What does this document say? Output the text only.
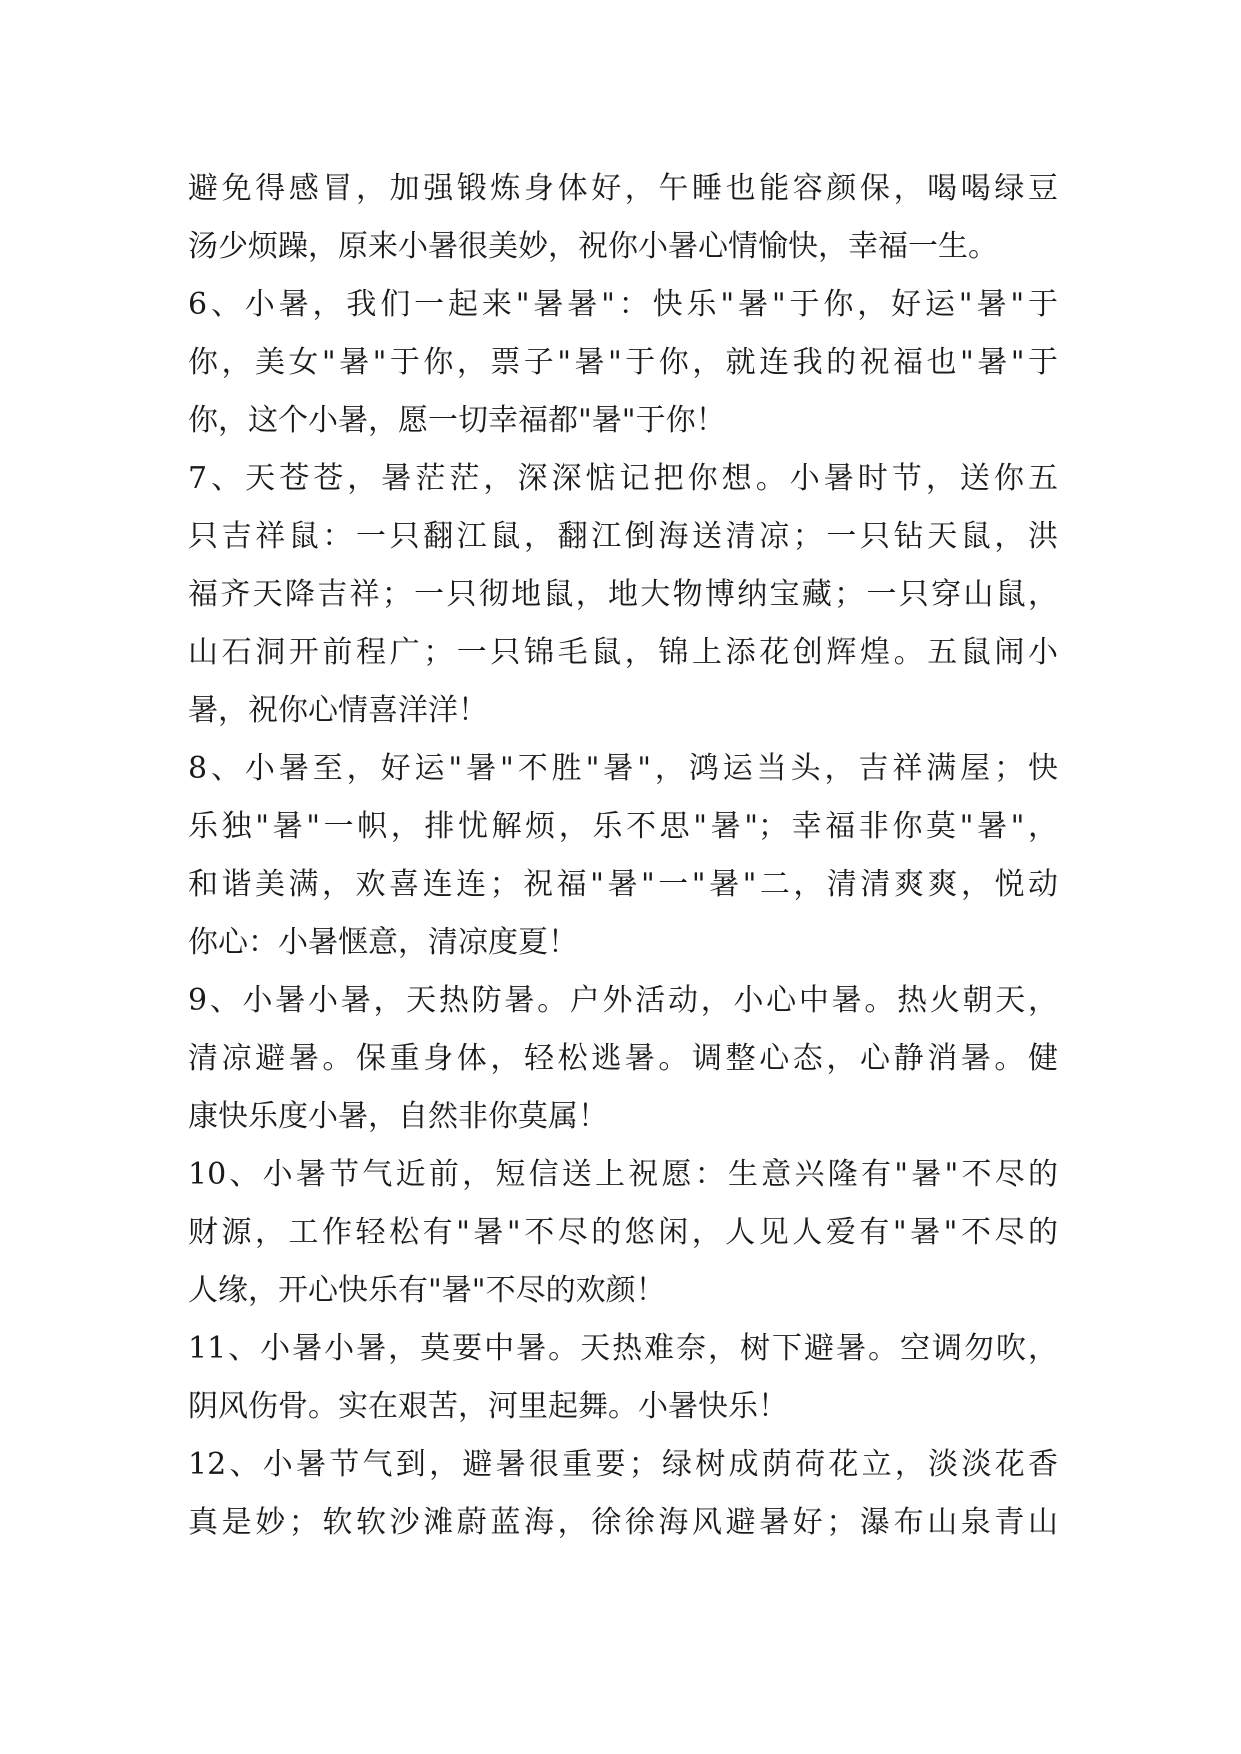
避免得感冒，加强锻炼身体好，午睡也能容颜保，喝喝绿豆
汤少烦躁，原来小暑很美妙，祝你小暑心情愉快，幸福一生。
6、小暑，我们一起来"暑暑"：快乐"暑"于你，好运"暑"于
你，美女"暑"于你，票子"暑"于你，就连我的祝福也"暑"于
你，这个小暑，愿一切幸福都"暑"于你！
7、天苍苍，暑茫茫，深深惦记把你想。小暑时节，送你五
只吉祥鼠：一只翻江鼠，翻江倒海送清凉；一只钻天鼠，洪
福齐天降吉祥；一只彻地鼠，地大物博纳宝藏；一只穿山鼠，
山石洞开前程广；一只锦毛鼠，锦上添花创辉煌。五鼠闹小
暑，祝你心情喜洋洋！
8、小暑至，好运"暑"不胜"暑"，鸿运当头，吉祥满屋；快
乐独"暑"一帜，排忧解烦，乐不思"暑"；幸福非你莫"暑"，
和谐美满，欢喜连连；祝福"暑"一"暑"二，清清爽爽，悦动
你心：小暑惬意，清凉度夏！
9、小暑小暑，天热防暑。户外活动，小心中暑。热火朝天，
清凉避暑。保重身体，轻松逃暑。调整心态，心静消暑。健
康快乐度小暑，自然非你莫属！
10、小暑节气近前，短信送上祝愿：生意兴隆有"暑"不尽的
财源，工作轻松有"暑"不尽的悠闲，人见人爱有"暑"不尽的
人缘，开心快乐有"暑"不尽的欢颜！
11、小暑小暑，莫要中暑。天热难奈，树下避暑。空调勿吹，
阴风伤骨。实在艰苦，河里起舞。小暑快乐！
12、小暑节气到，避暑很重要；绿树成荫荷花立，淡淡花香
真是妙；软软沙滩蔚蓝海，徐徐海风避暑好；瀑布山泉青山
